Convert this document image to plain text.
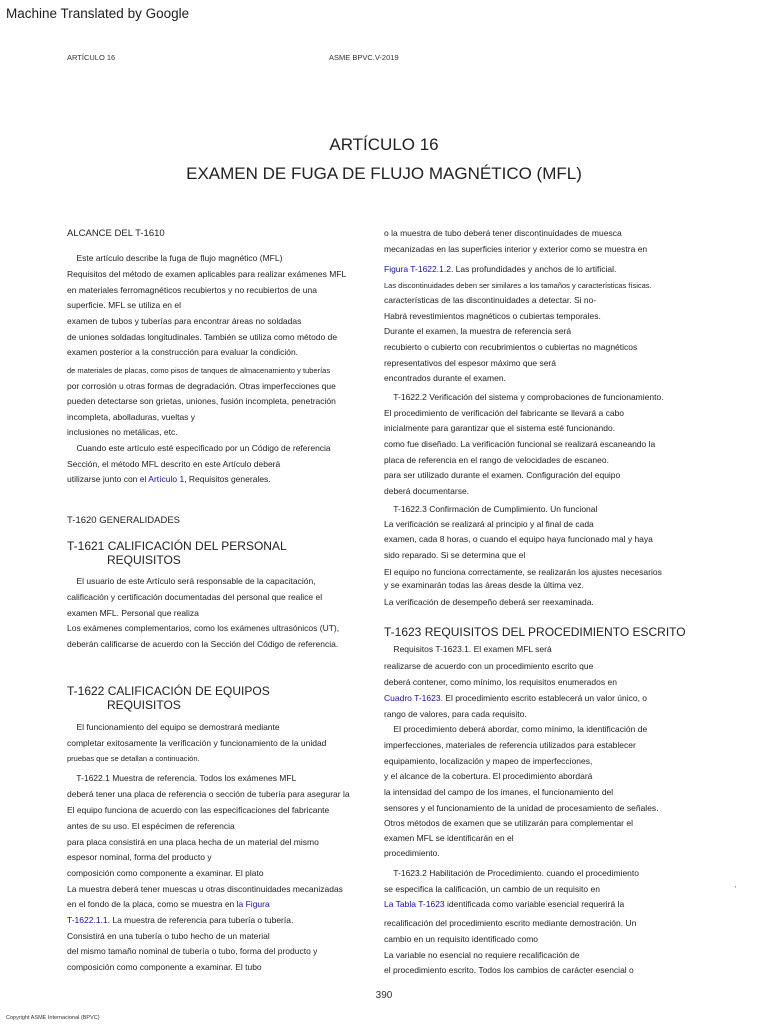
Machine Translated by Google
ARTÍCULO 16	ASME BPVC.V-2019
ARTÍCULO 16
EXAMEN DE FUGA DE FLUJO MAGNÉTICO (MFL)
ALCANCE DEL T-1610
Este artículo describe la fuga de flujo magnético (MFL)
Requisitos del método de examen aplicables para realizar exámenes MFL
en materiales ferromagnéticos recubiertos y no recubiertos de una
superficie. MFL se utiliza en el
examen de tubos y tuberías para encontrar áreas no soldadas
de uniones soldadas longitudinales. También se utiliza como método de
examen posterior a la construcción para evaluar la condición.
de materiales de placas, como pisos de tanques de almacenamiento y tuberías
por corrosión u otras formas de degradación. Otras imperfecciones que
pueden detectarse son grietas, uniones, fusión incompleta, penetración
incompleta, abolladuras, vueltas y
inclusiones no metálicas, etc.
Cuando este artículo esté especificado por un Código de referencia
Sección, el método MFL descrito en este Artículo deberá
utilizarse junto con el Artículo 1, Requisitos generales.
T-1620 GENERALIDADES
T-1621 CALIFICACIÓN DEL PERSONAL
REQUISITOS
El usuario de este Artículo será responsable de la capacitación,
calificación y certificación documentadas del personal que realice el
examen MFL. Personal que realiza
Los exámenes complementarios, como los exámenes ultrasónicos (UT),
deberán calificarse de acuerdo con la Sección del Código de referencia.
T-1622 CALIFICACIÓN DE EQUIPOS
REQUISITOS
El funcionamiento del equipo se demostrará mediante
completar exitosamente la verificación y funcionamiento de la unidad
pruebas que se detallan a continuación.
T-1622.1 Muestra de referencia. Todos los exámenes MFL
deberá tener una placa de referencia o sección de tubería para asegurar la
El equipo funciona de acuerdo con las especificaciones del fabricante
antes de su uso. El espécimen de referencia
para placa consistirá en una placa hecha de un material del mismo
espesor nominal, forma del producto y
composición como componente a examinar. El plato
La muestra deberá tener muescas u otras discontinuidades mecanizadas
en el fondo de la placa, como se muestra en la Figura
T-1622.1.1. La muestra de referencia para tubería o tubería.
Consistirá en una tubería o tubo hecho de un material
del mismo tamaño nominal de tubería o tubo, forma del producto y
composición como componente a examinar. El tubo
o la muestra de tubo deberá tener discontinuidades de muesca
mecanizadas en las superficies interior y exterior como se muestra en
Figura T-1622.1.2. Las profundidades y anchos de lo artificial.
Las discontinuidades deben ser similares a los tamaños y características físicas.
características de las discontinuidades a detectar. Si no-
Habrá revestimientos magnéticos o cubiertas temporales.
Durante el examen, la muestra de referencia será
recubierto o cubierto con recubrimientos o cubiertas no magnéticos
representativos del espesor máximo que será
encontrados durante el examen.
T-1622.2 Verificación del sistema y comprobaciones de funcionamiento.
El procedimiento de verificación del fabricante se llevará a cabo
inicialmente para garantizar que el sistema esté funcionando.
como fue diseñado. La verificación funcional se realizará escaneando la
placa de referencia en el rango de velocidades de escaneo.
para ser utilizado durante el examen. Configuración del equipo
deberá documentarse.
T-1622.3 Confirmación de Cumplimiento. Un funcional
La verificación se realizará al principio y al final de cada
examen, cada 8 horas, o cuando el equipo haya funcionado mal y haya
sido reparado. Si se determina que el
El equipo no funciona correctamente, se realizarán los ajustes necesarios
y se examinarán todas las áreas desde la última vez.
La verificación de desempeño deberá ser reexaminada.
T-1623 REQUISITOS DEL PROCEDIMIENTO ESCRITO
Requisitos T-1623.1. El examen MFL será
realizarse de acuerdo con un procedimiento escrito que
deberá contener, como mínimo, los requisitos enumerados en
Cuadro T-1623. El procedimiento escrito establecerá un valor único, o
rango de valores, para cada requisito.
El procedimiento deberá abordar, como mínimo, la identificación de
imperfecciones, materiales de referencia utilizados para establecer
equipamiento, localización y mapeo de imperfecciones,
y el alcance de la cobertura. El procedimiento abordará
la intensidad del campo de los imanes, el funcionamiento del
sensores y el funcionamiento de la unidad de procesamiento de señales.
Otros métodos de examen que se utilizarán para complementar el
examen MFL se identificarán en el
procedimiento.
T-1623.2 Habilitación de Procedimiento. cuando el procedimiento
se especifica la calificación, un cambio de un requisito en
La Tabla T-1623 identificada como variable esencial requerirá la
recalificación del procedimiento escrito mediante demostración. Un
cambio en un requisito identificado como
La variable no esencial no requiere recalificación de
el procedimiento escrito. Todos los cambios de carácter esencial o
390
Copyright ASME Internacional (BPVC)
′
